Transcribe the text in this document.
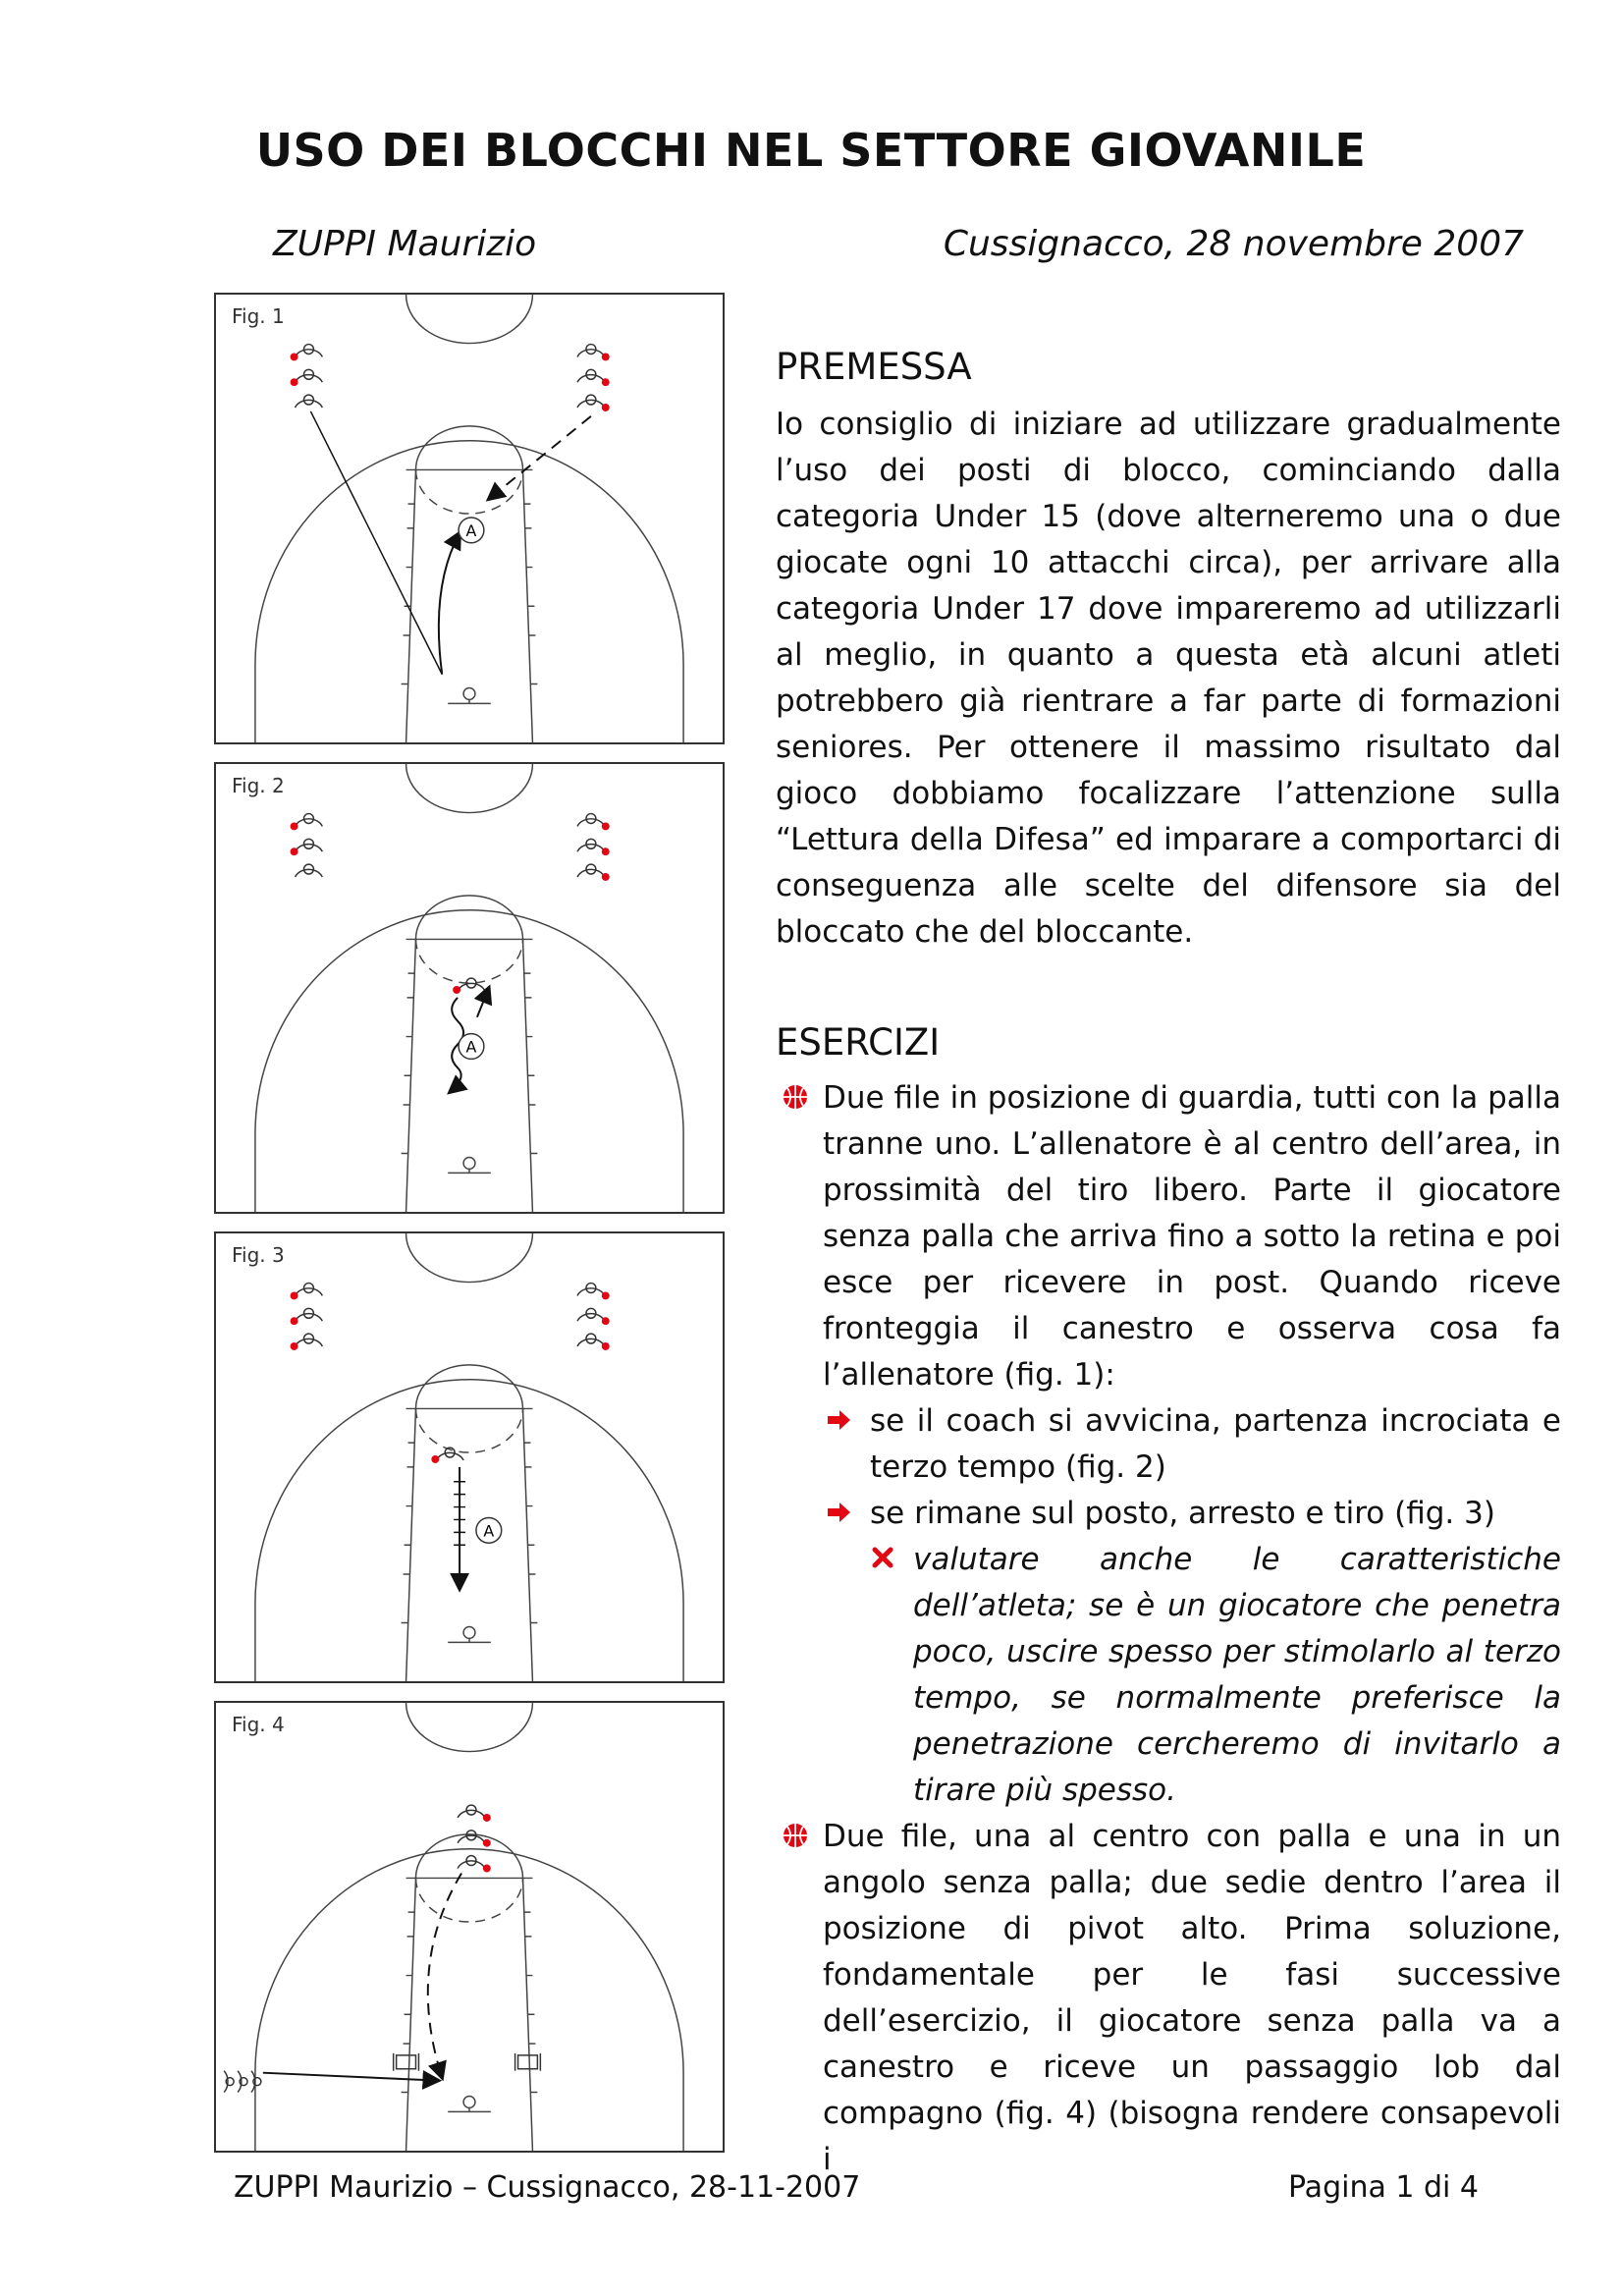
USO DEI BLOCCHI NEL SETTORE GIOVANILE
ZUPPI Maurizio	Cussignacco, 28 novembre 2007
A
Fig. 1
A
Fig. 2
A
Fig. 3
Fig. 4
PREMESSA
Io consiglio di iniziare ad utilizzare gradualmente l’uso dei posti di blocco, cominciando dalla categoria Under 15 (dove alterneremo una o due giocate ogni 10 attacchi circa), per arrivare alla categoria Under 17 dove impareremo ad utilizzarli al meglio, in quanto a questa età alcuni atleti potrebbero già rientrare a far parte di formazioni seniores. Per ottenere il massimo risultato dal gioco dobbiamo focalizzare l’attenzione sulla “Lettura della Difesa” ed imparare a comportarci di conseguenza alle scelte del difensore sia del bloccato che del bloccante.
ESERCIZI
Due file in posizione di guardia, tutti con la palla tranne uno. L’allenatore è al centro dell’area, in prossimità del tiro libero. Parte il giocatore senza palla che arriva fino a sotto la retina e poi esce per ricevere in post. Quando riceve fronteggia il canestro e osserva cosa fa l’allenatore (fig. 1):
se il coach si avvicina, partenza incrociata e terzo tempo (fig. 2)
se rimane sul posto, arresto e tiro (fig. 3)
valutare anche le caratteristiche dell’atleta; se è un giocatore che penetra poco, uscire spesso per stimolarlo al terzo tempo, se normalmente preferisce la penetrazione cercheremo di invitarlo a tirare più spesso.
Due file, una al centro con palla e una in un angolo senza palla; due sedie dentro l’area il posizione di pivot alto. Prima soluzione, fondamentale per le fasi successive dell’esercizio, il giocatore senza palla va a canestro e riceve un passaggio lob dal compagno (fig. 4) (bisogna rendere consapevoli i
ZUPPI Maurizio – Cussignacco, 28-11-2007	Pagina 1 di 4
